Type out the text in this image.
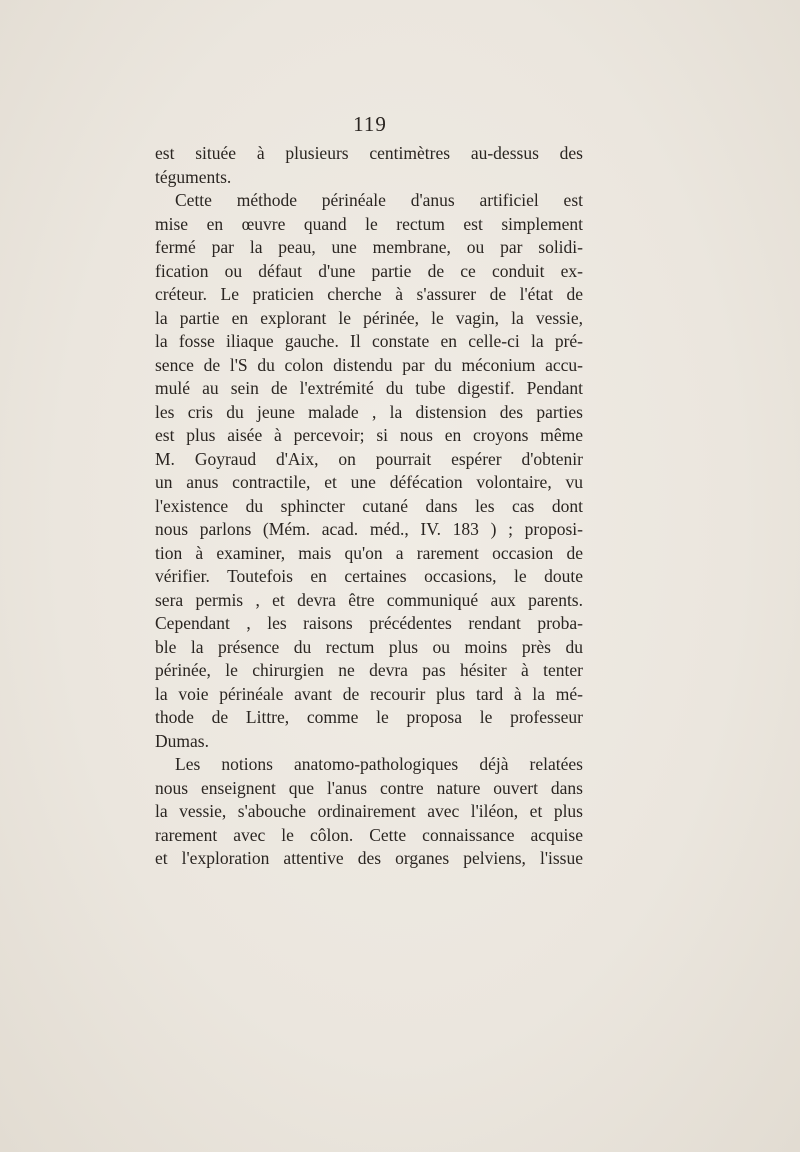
119
est située à plusieurs centimètres au-dessus des
téguments.
Cette méthode périnéale d'anus artificiel est
mise en œuvre quand le rectum est simplement
fermé par la peau, une membrane, ou par solidi-
fication ou défaut d'une partie de ce conduit ex-
créteur. Le praticien cherche à s'assurer de l'état de
la partie en explorant le périnée, le vagin, la vessie,
la fosse iliaque gauche. Il constate en celle-ci la pré-
sence de l'S du colon distendu par du méconium accu-
mulé au sein de l'extrémité du tube digestif. Pendant
les cris du jeune malade , la distension des parties
est plus aisée à percevoir; si nous en croyons même
M. Goyraud d'Aix, on pourrait espérer d'obtenir
un anus contractile, et une défécation volontaire, vu
l'existence du sphincter cutané dans les cas dont
nous parlons (Mém. acad. méd., IV. 183 ) ; proposi-
tion à examiner, mais qu'on a rarement occasion de
vérifier. Toutefois en certaines occasions, le doute
sera permis , et devra être communiqué aux parents.
Cependant , les raisons précédentes rendant proba-
ble la présence du rectum plus ou moins près du
périnée, le chirurgien ne devra pas hésiter à tenter
la voie périnéale avant de recourir plus tard à la mé-
thode de Littre, comme le proposa le professeur
Dumas.
Les notions anatomo-pathologiques déjà relatées
nous enseignent que l'anus contre nature ouvert dans
la vessie, s'abouche ordinairement avec l'iléon, et plus
rarement avec le côlon. Cette connaissance acquise
et l'exploration attentive des organes pelviens, l'issue
